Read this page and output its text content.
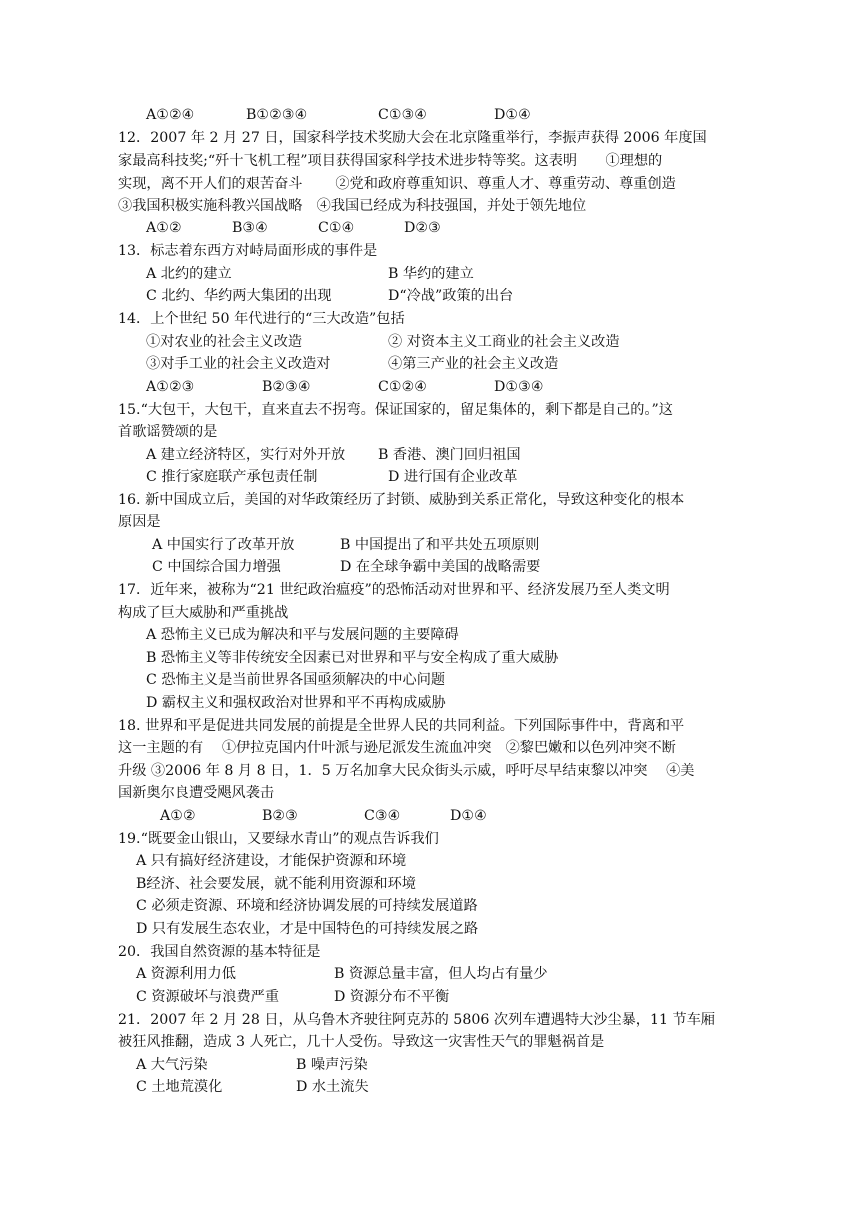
A①②④	B①②③④	C①③④	D①④
12．2007 年 2 月 27 日，国家科学技术奖励大会在北京隆重举行，李振声获得 2006 年度国
家最高科技奖;“歼十飞机工程”项目获得国家科学技术进步特等奖。这表明　　①理想的
实现，离不开人们的艰苦奋斗　　 ②党和政府尊重知识、尊重人才、尊重劳动、尊重创造
③我国积极实施科教兴国战略　④我国已经成为科技强国，并处于领先地位
A①②	B③④	C①④	D②③
13．标志着东西方对峙局面形成的事件是
A 北约的建立	B 华约的建立
C 北约、华约两大集团的出现	D“冷战”政策的出台
14．上个世纪 50 年代进行的“三大改造”包括
①对农业的社会主义改造	② 对资本主义工商业的社会主义改造
③对手工业的社会主义改造对	④第三产业的社会主义改造
A①②③	B②③④	C①②④	D①③④
15.“大包干，大包干，直来直去不拐弯。保证国家的，留足集体的，剩下都是自己的。”这
首歌谣赞颂的是
A 建立经济特区，实行对外开放 B 香港、澳门回归祖国
C 推行家庭联产承包责任制	D 进行国有企业改革
16. 新中国成立后，美国的对华政策经历了封锁、威胁到关系正常化，导致这种变化的根本
原因是
A 中国实行了改革开放	B 中国提出了和平共处五项原则
C 中国综合国力增强	D 在全球争霸中美国的战略需要
17．近年来，被称为“21 世纪政治瘟疫”的恐怖活动对世界和平、经济发展乃至人类文明
构成了巨大威胁和严重挑战
A 恐怖主义已成为解决和平与发展问题的主要障碍
B 恐怖主义等非传统安全因素已对世界和平与安全构成了重大威胁
C 恐怖主义是当前世界各国亟须解决的中心问题
D 霸权主义和强权政治对世界和平不再构成威胁
18. 世界和平是促进共同发展的前提是全世界人民的共同利益。下列国际事件中，背离和平
这一主题的有　 ①伊拉克国内什叶派与逊尼派发生流血冲突　②黎巴嫩和以色列冲突不断
升级 ③2006 年 8 月 8 日，1．5 万名加拿大民众街头示威，呼吁尽早结束黎以冲突　 ④美
国新奥尔良遭受飓风袭击
A①②	B②③	C③④	D①④
19.“既要金山银山，又要绿水青山”的观点告诉我们
A 只有搞好经济建设，才能保护资源和环境
B经济、社会要发展，就不能利用资源和环境
C 必须走资源、环境和经济协调发展的可持续发展道路
D 只有发展生态农业，才是中国特色的可持续发展之路
20．我国自然资源的基本特征是
A 资源利用力低	B 资源总量丰富，但人均占有量少
C 资源破坏与浪费严重	D 资源分布不平衡
21．2007 年 2 月 28 日，从乌鲁木齐驶往阿克苏的 5806 次列车遭遇特大沙尘暴，11 节车厢
被狂风推翻，造成 3 人死亡，几十人受伤。导致这一灾害性天气的罪魁祸首是
A 大气污染	B 噪声污染
C 土地荒漠化	D 水土流失
